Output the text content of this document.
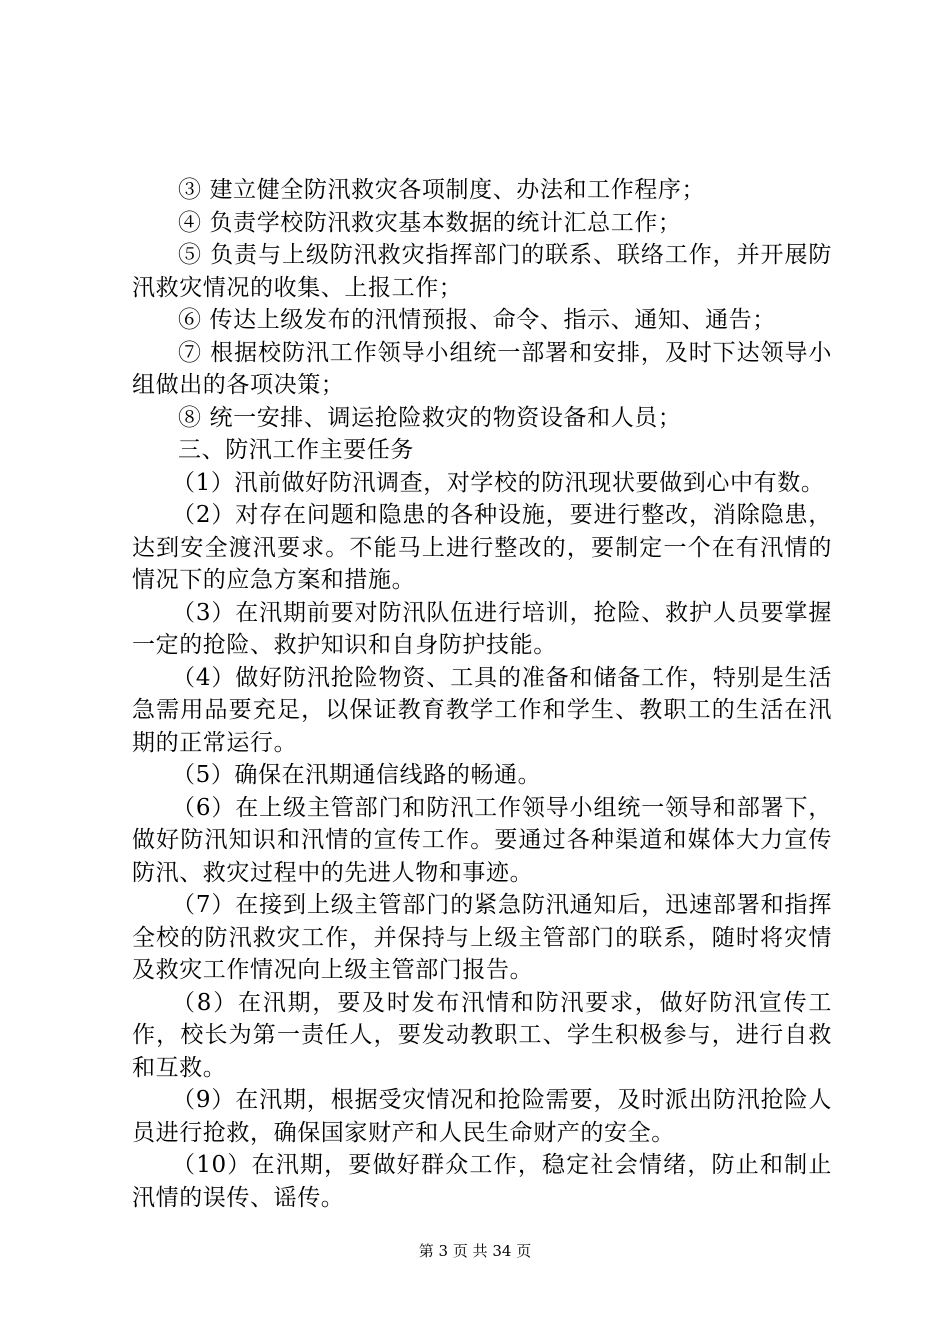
③ 建立健全防汛救灾各项制度、办法和工作程序；

④ 负责学校防汛救灾基本数据的统计汇总工作；

⑤ 负责与上级防汛救灾指挥部门的联系、联络工作，并开展防汛救灾情况的收集、上报工作；

⑥ 传达上级发布的汛情预报、命令、指示、通知、通告；

⑦ 根据校防汛工作领导小组统一部署和安排，及时下达领导小组做出的各项决策；

⑧ 统一安排、调运抢险救灾的物资设备和人员；

三、防汛工作主要任务

（1）汛前做好防汛调查，对学校的防汛现状要做到心中有数。

（2）对存在问题和隐患的各种设施，要进行整改，消除隐患，达到安全渡汛要求。不能马上进行整改的，要制定一个在有汛情的情况下的应急方案和措施。

（3）在汛期前要对防汛队伍进行培训，抢险、救护人员要掌握一定的抢险、救护知识和自身防护技能。

（4）做好防汛抢险物资、工具的准备和储备工作，特别是生活急需用品要充足，以保证教育教学工作和学生、教职工的生活在汛期的正常运行。

（5）确保在汛期通信线路的畅通。

（6）在上级主管部门和防汛工作领导小组统一领导和部署下，做好防汛知识和汛情的宣传工作。要通过各种渠道和媒体大力宣传防汛、救灾过程中的先进人物和事迹。

（7）在接到上级主管部门的紧急防汛通知后，迅速部署和指挥全校的防汛救灾工作，并保持与上级主管部门的联系，随时将灾情及救灾工作情况向上级主管部门报告。

（8）在汛期，要及时发布汛情和防汛要求，做好防汛宣传工作，校长为第一责任人，要发动教职工、学生积极参与，进行自救和互救。

（9）在汛期，根据受灾情况和抢险需要，及时派出防汛抢险人员进行抢救，确保国家财产和人民生命财产的安全。

（10）在汛期，要做好群众工作，稳定社会情绪，防止和制止汛情的误传、谣传。

第 3 页 共 34 页
